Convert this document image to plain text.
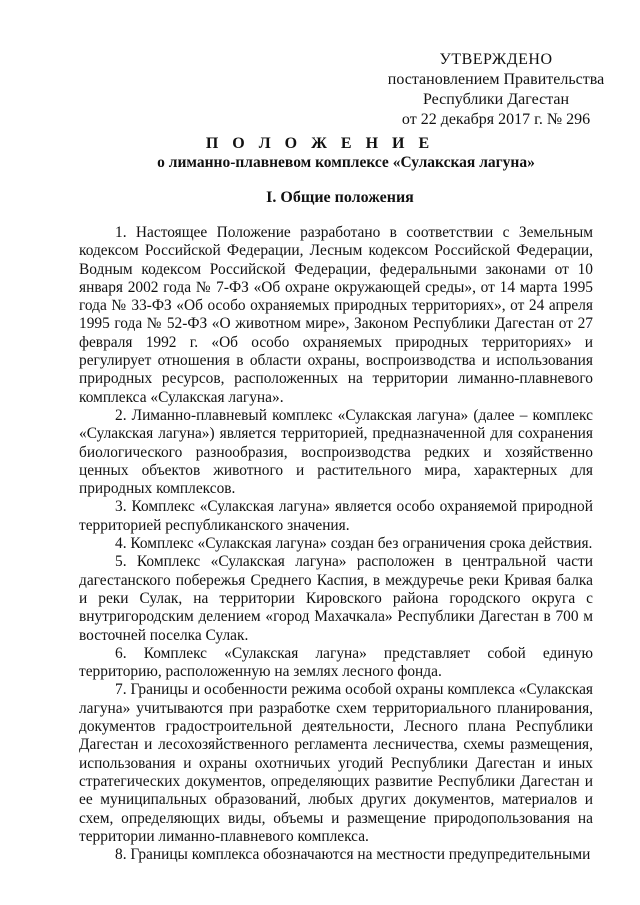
УТВЕРЖДЕНО
постановлением Правительства
Республики Дагестан
от 22 декабря 2017 г. № 296
П О Л О Ж Е Н И Е
о лиманно-плавневом комплексе «Сулакская лагуна»
I. Общие положения

1. Настоящее Положение разработано в соответствии с Земельным кодексом Российской Федерации, Лесным кодексом Российской Федерации, Водным кодексом Российской Федерации, федеральными законами от 10 января 2002 года № 7-ФЗ «Об охране окружающей среды», от 14 марта 1995 года № 33-ФЗ «Об особо охраняемых природных территориях», от 24 апреля 1995 года № 52-ФЗ «О животном мире», Законом Республики Дагестан от 27 февраля 1992 г. «Об особо охраняемых природных территориях» и регулирует отношения в области охраны, воспроизводства и использования природных ресурсов, расположенных на территории лиманно-плавневого комплекса «Сулакская лагуна».

2. Лиманно-плавневый комплекс «Сулакская лагуна» (далее – комплекс «Сулакская лагуна») является территорией, предназначенной для сохранения биологического разнообразия, воспроизводства редких и хозяйственно ценных объектов животного и растительного мира, характерных для природных комплексов.

3. Комплекс «Сулакская лагуна» является особо охраняемой природной территорией республиканского значения.

4. Комплекс «Сулакская лагуна» создан без ограничения срока действия.

5. Комплекс «Сулакская лагуна» расположен в центральной части дагестанского побережья Среднего Каспия, в междуречье реки Кривая балка и реки Сулак, на территории Кировского района городского округа с внутригородским делением «город Махачкала» Республики Дагестан в 700 м восточней поселка Сулак.

6. Комплекс «Сулакская лагуна» представляет собой единую территорию, расположенную на землях лесного фонда.

7. Границы и особенности режима особой охраны комплекса «Сулакская лагуна» учитываются при разработке схем территориального планирования, документов градостроительной деятельности, Лесного плана Республики Дагестан и лесохозяйственного регламента лесничества, схемы размещения, использования и охраны охотничьих угодий Республики Дагестан и иных стратегических документов, определяющих развитие Республики Дагестан и ее муниципальных образований, любых других документов, материалов и схем, определяющих виды, объемы и размещение природопользования на территории лиманно-плавневого комплекса.

8. Границы комплекса обозначаются на местности предупредительными
